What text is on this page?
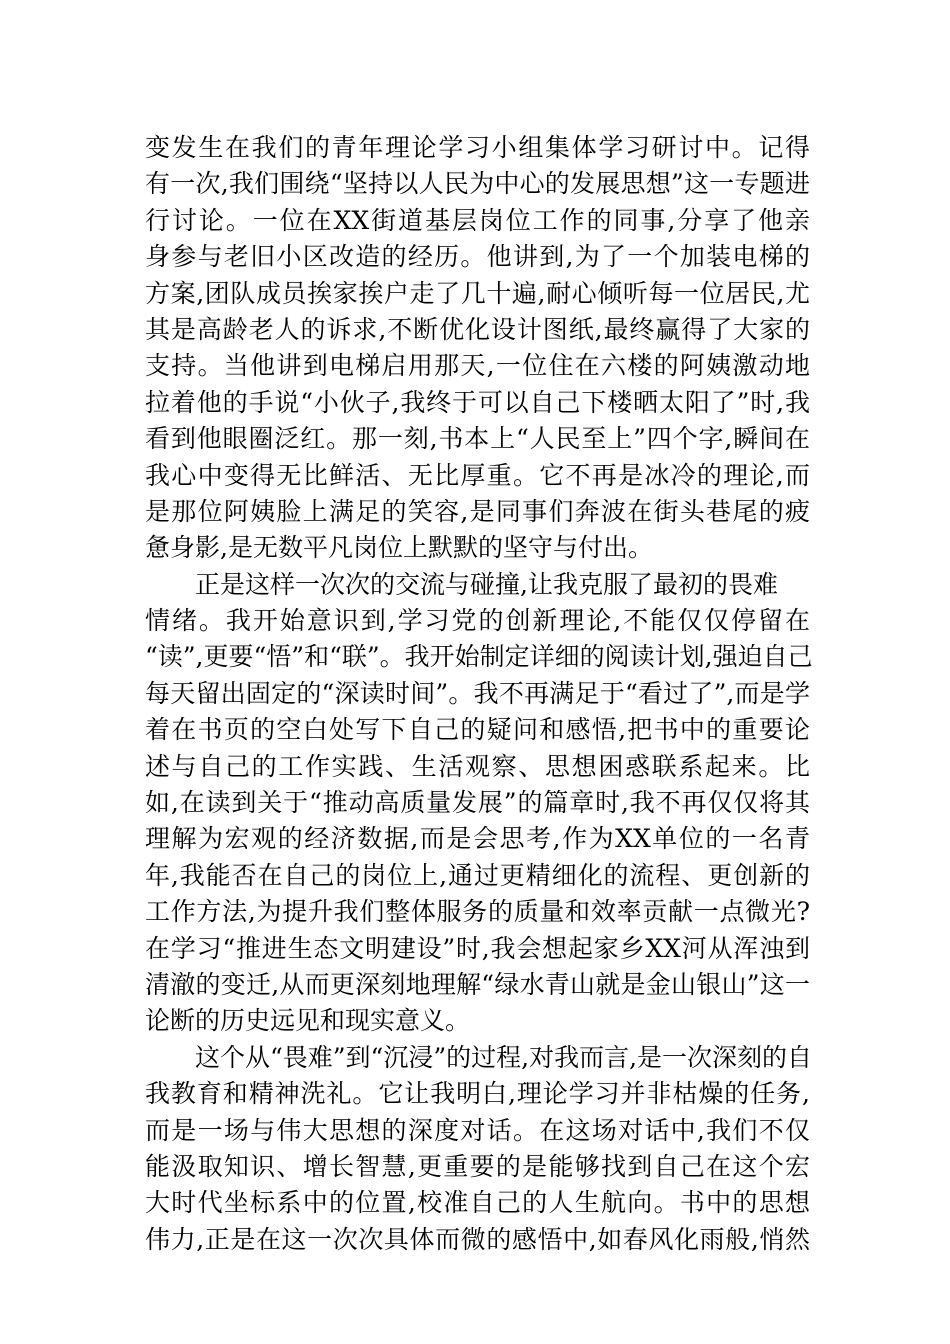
变发生在我们的青年理论学习小组集体学习研讨中。记得
有一次,我们围绕“坚持以人民为中心的发展思想”这一专题进
行讨论。一位在XX街道基层岗位工作的同事,分享了他亲
身参与老旧小区改造的经历。他讲到,为了一个加装电梯的
方案,团队成员挨家挨户走了几十遍,耐心倾听每一位居民,尤
其是高龄老人的诉求,不断优化设计图纸,最终赢得了大家的
支持。当他讲到电梯启用那天,一位住在六楼的阿姨激动地
拉着他的手说“小伙子,我终于可以自己下楼晒太阳了”时,我
看到他眼圈泛红。那一刻,书本上“人民至上”四个字,瞬间在
我心中变得无比鲜活、无比厚重。它不再是冰冷的理论,而
是那位阿姨脸上满足的笑容,是同事们奔波在街头巷尾的疲
惫身影,是无数平凡岗位上默默的坚守与付出。
正是这样一次次的交流与碰撞,让我克服了最初的畏难
情绪。我开始意识到,学习党的创新理论,不能仅仅停留在
“读”,更要“悟”和“联”。我开始制定详细的阅读计划,强迫自己
每天留出固定的“深读时间”。我不再满足于“看过了”,而是学
着在书页的空白处写下自己的疑问和感悟,把书中的重要论
述与自己的工作实践、生活观察、思想困惑联系起来。比
如,在读到关于“推动高质量发展”的篇章时,我不再仅仅将其
理解为宏观的经济数据,而是会思考,作为XX单位的一名青
年,我能否在自己的岗位上,通过更精细化的流程、更创新的
工作方法,为提升我们整体服务的质量和效率贡献一点微光?
在学习“推进生态文明建设”时,我会想起家乡XX河从浑浊到
清澈的变迁,从而更深刻地理解“绿水青山就是金山银山”这一
论断的历史远见和现实意义。
这个从“畏难”到“沉浸”的过程,对我而言,是一次深刻的自
我教育和精神洗礼。它让我明白,理论学习并非枯燥的任务,
而是一场与伟大思想的深度对话。在这场对话中,我们不仅
能汲取知识、增长智慧,更重要的是能够找到自己在这个宏
大时代坐标系中的位置,校准自己的人生航向。书中的思想
伟力,正是在这一次次具体而微的感悟中,如春风化雨般,悄然
